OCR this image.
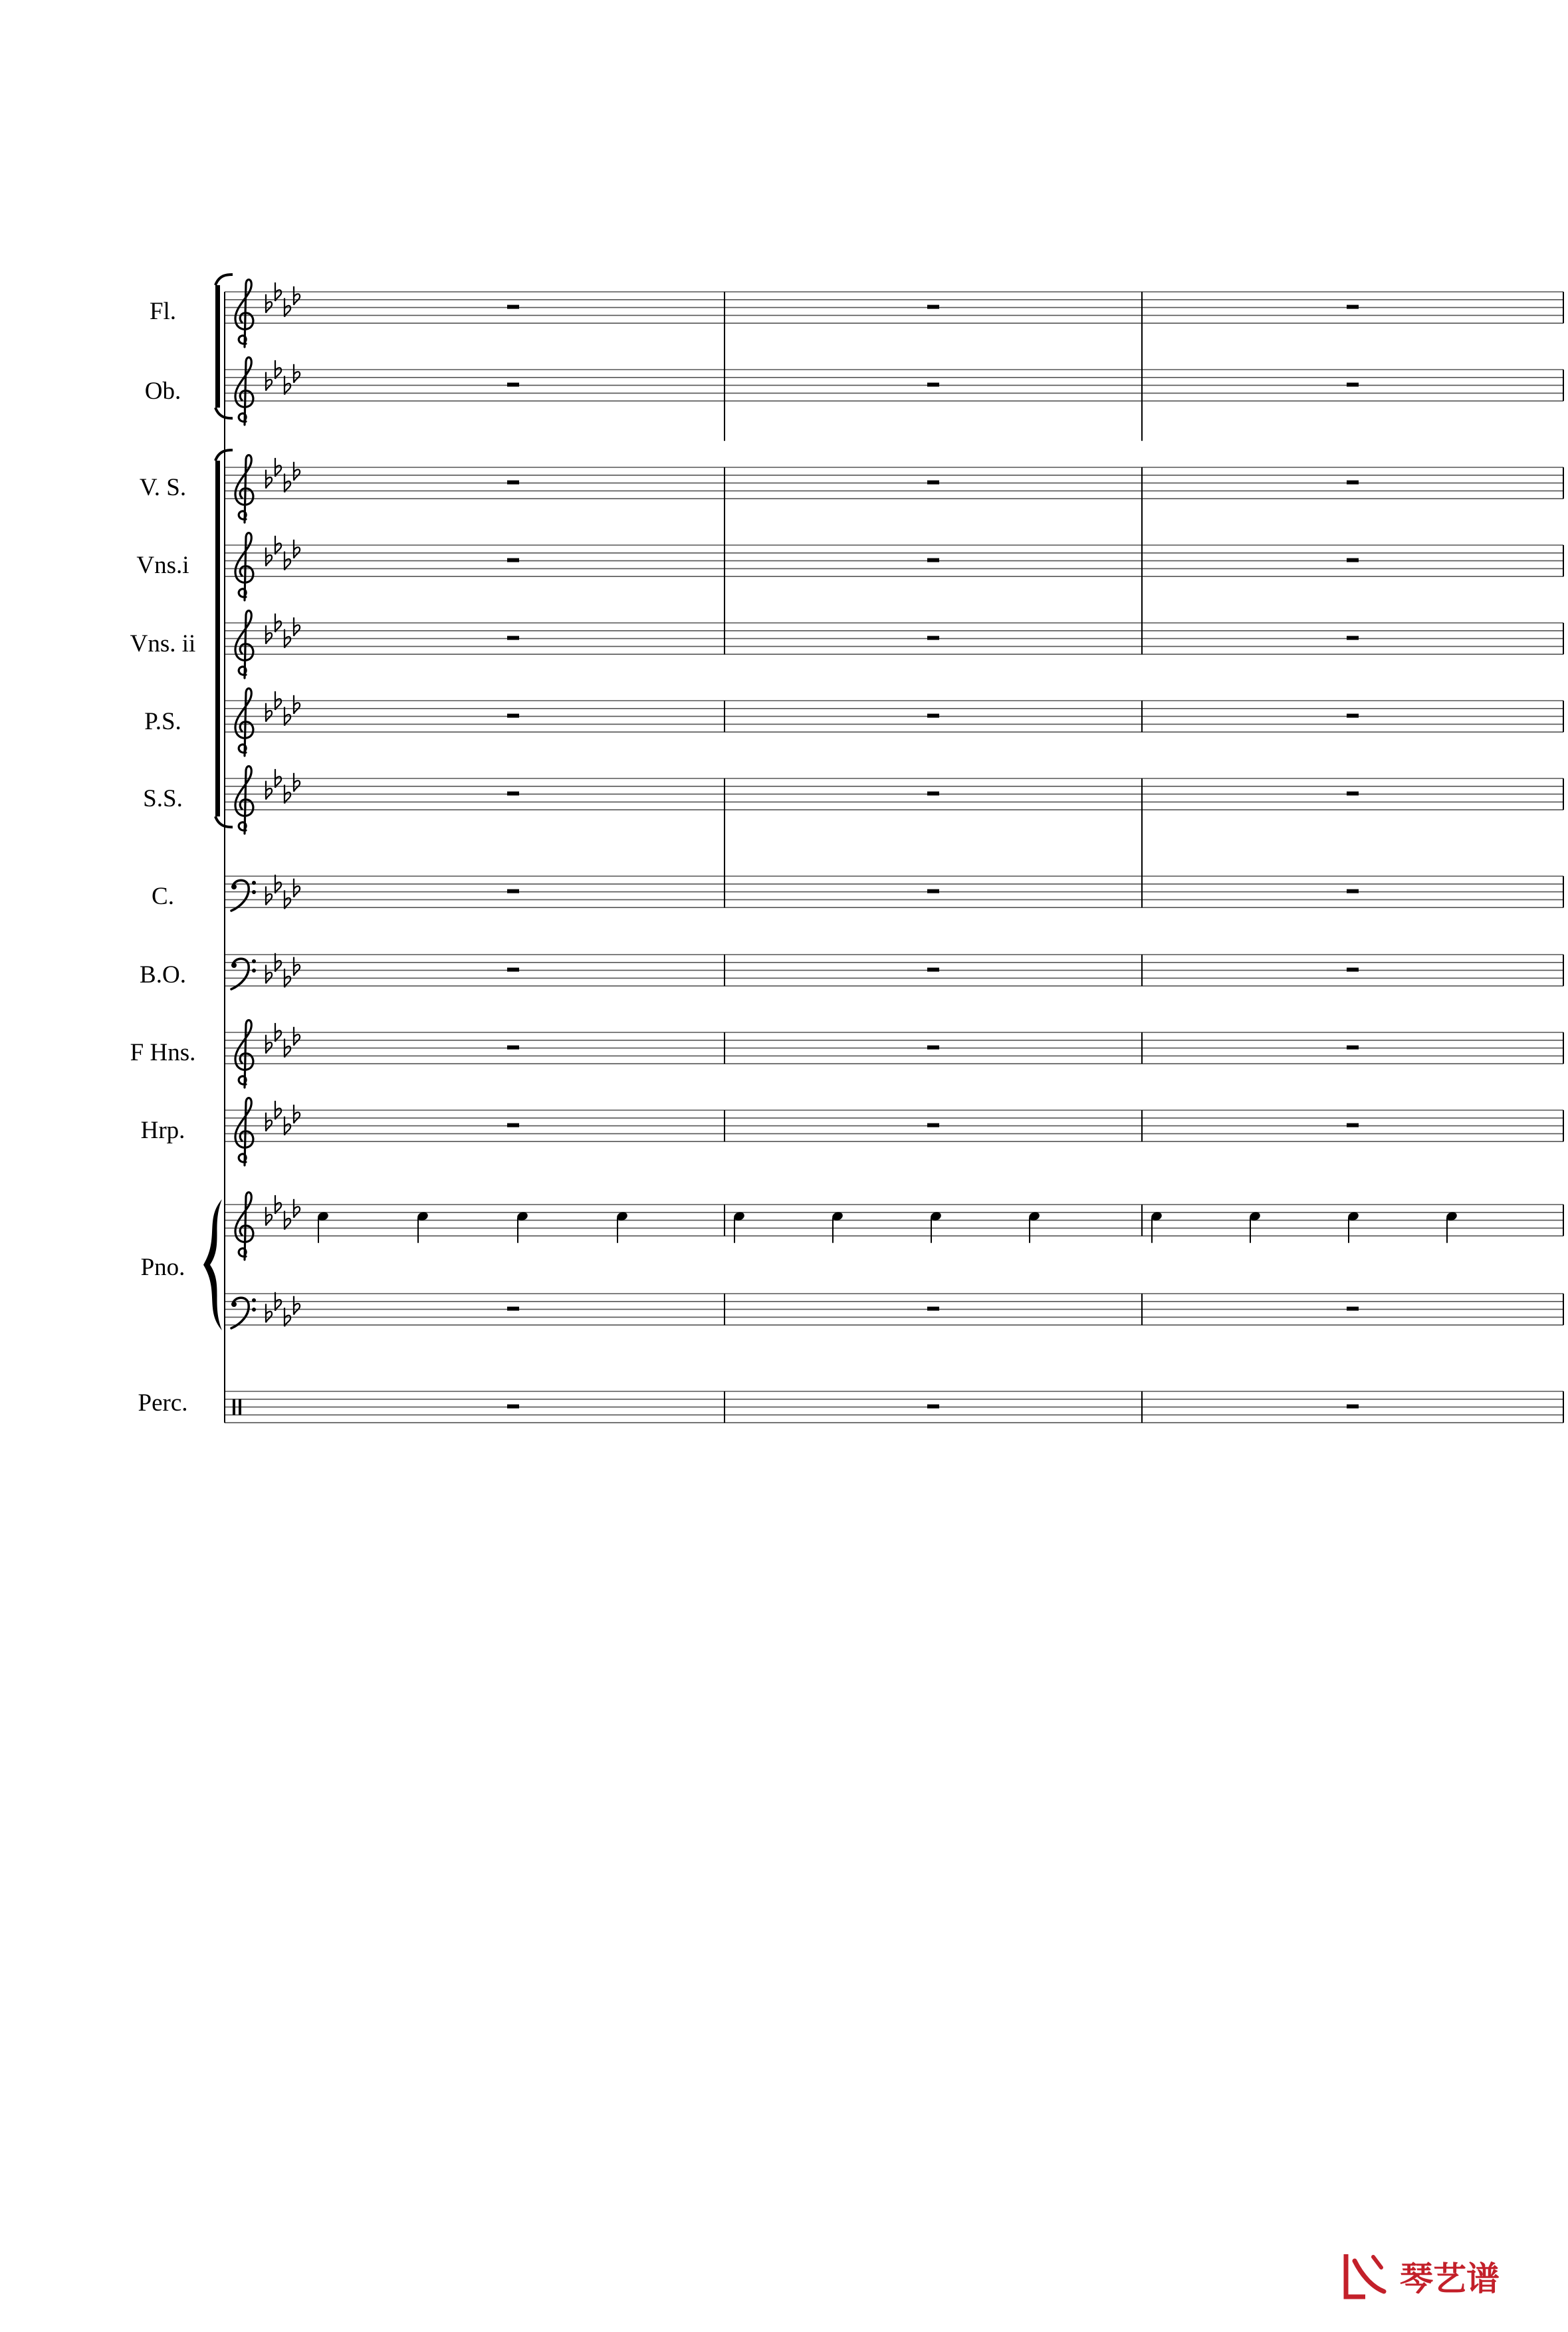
Fl.
Ob.
V. S.
Vns.i
Vns. ii
P.S.
S.S.
C.
B.O.
F Hns.
Hrp.
Pno.
Perc.
琴艺谱
